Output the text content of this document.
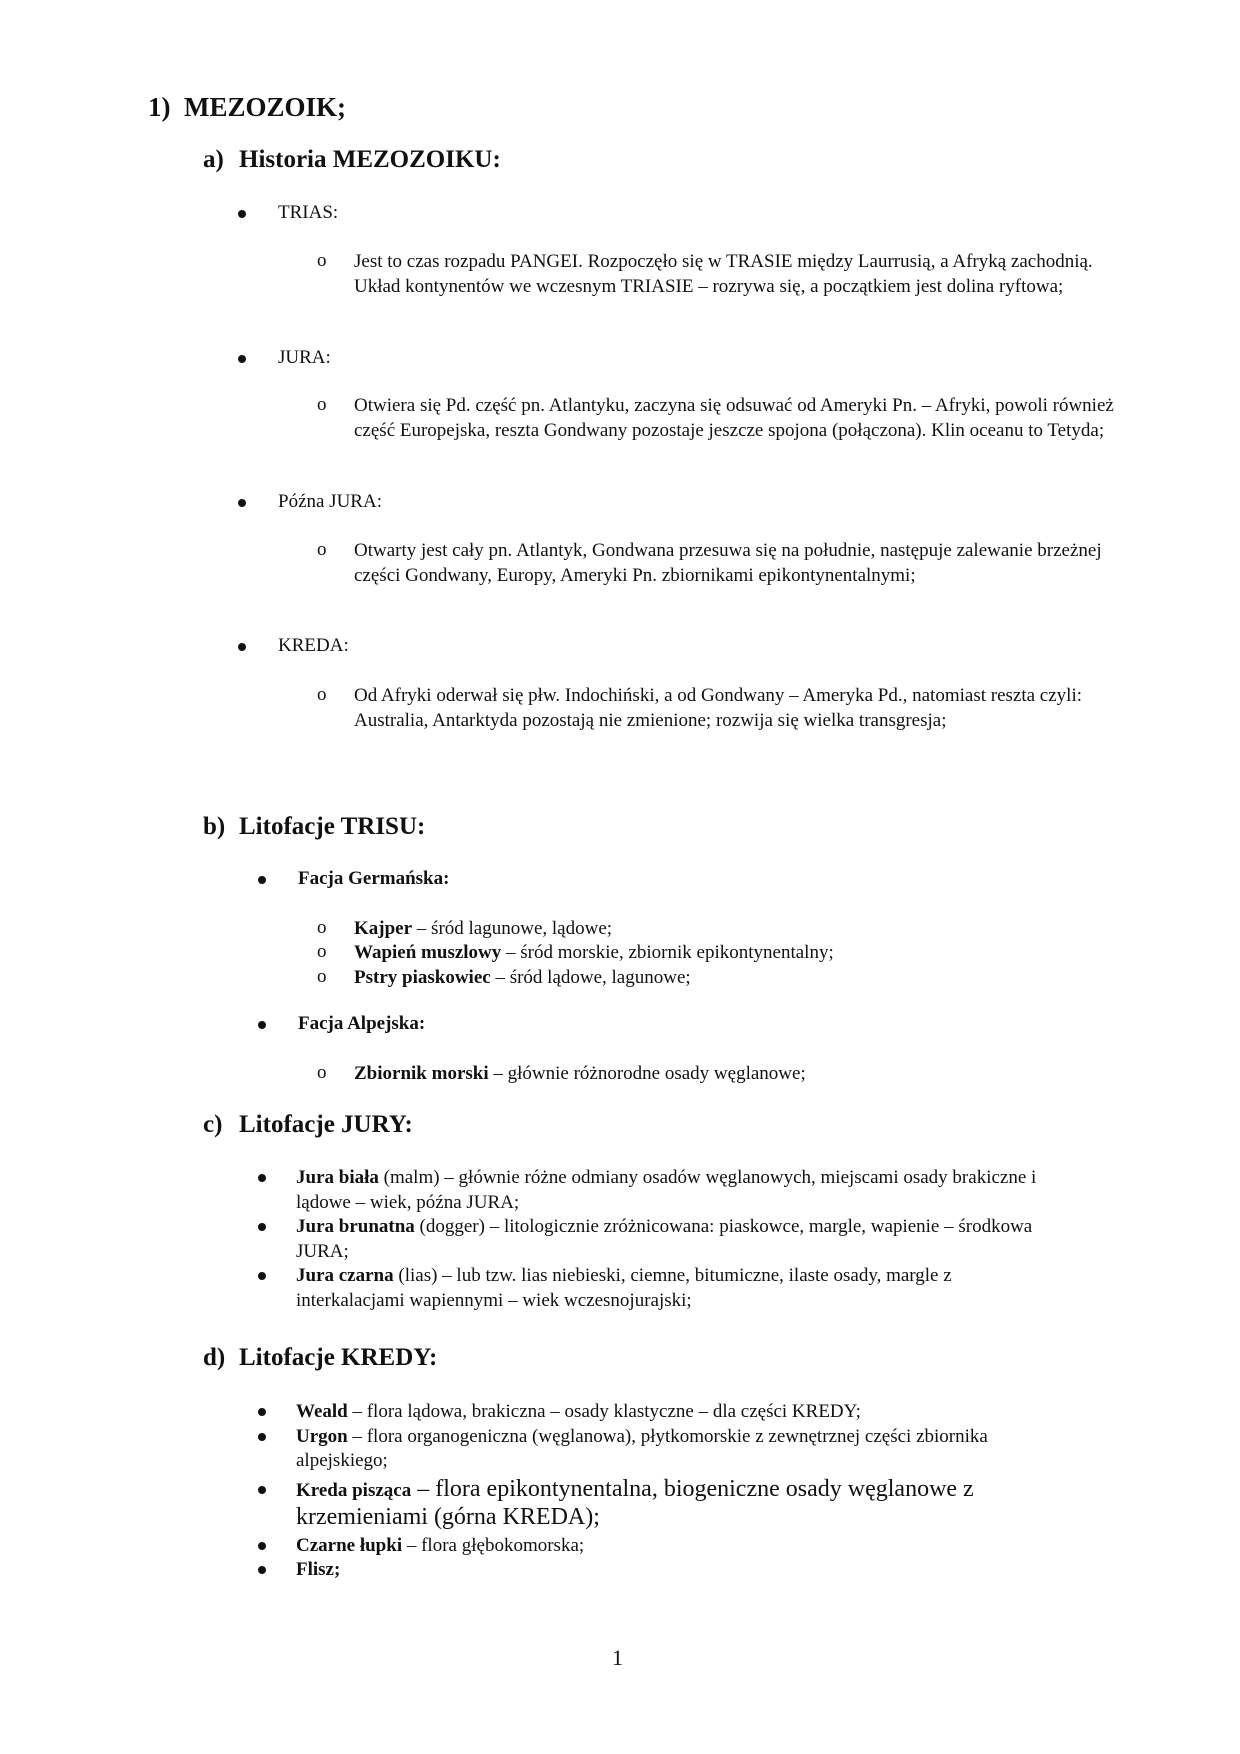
1) MEZOZOIK;
a) Historia MEZOZOIKU:
TRIAS:
o Jest to czas rozpadu PANGEI. Rozpoczęło się w TRASIE między Laurrusią, a Afryką zachodnią. Układ kontynentów we wczesnym TRIASIE – rozrywa się, a początkiem jest dolina ryftowa;
JURA:
o Otwiera się Pd. część pn. Atlantyku, zaczyna się odsuwać od Ameryki Pn. – Afryki, powoli również część Europejska, reszta Gondwany pozostaje jeszcze spojona (połączona). Klin oceanu to Tetyda;
Późna JURA:
o Otwarty jest cały pn. Atlantyk, Gondwana przesuwa się na południe, następuje zalewanie brzeżnej części Gondwany, Europy, Ameryki Pn. zbiornikami epikontynentalnymi;
KREDA:
o Od Afryki oderwał się płw. Indochiński, a od Gondwany – Ameryka Pd., natomiast reszta czyli: Australia, Antarktyda pozostają nie zmienione; rozwija się wielka transgresja;
b) Litofacje TRISU:
Facja Germańska:
o Kajper – śród lagunowe, lądowe;
o Wapień muszlowy – śród morskie, zbiornik epikontynentalny;
o Pstry piaskowiec – śród lądowe, lagunowe;
Facja Alpejska:
o Zbiornik morski – głównie różnorodne osady węglanowe;
c) Litofacje JURY:
Jura biała (malm) – głównie różne odmiany osadów węglanowych, miejscami osady brakiczne i lądowe – wiek, późna JURA;
Jura brunatna (dogger) – litologicznie zróżnicowana: piaskowce, margle, wapienie – środkowa JURA;
Jura czarna (lias) – lub tzw. lias niebieski, ciemne, bitumiczne, ilaste osady, margle z interkalacjami wapiennymi – wiek wczesnojurajski;
d) Litofacje KREDY:
Weald – flora lądowa, brakiczna – osady klastyczne – dla części KREDY;
Urgon – flora organogeniczna (węglanowa), płytkomorskie z zewnętrznej części zbiornika alpejskiego;
Kreda pisząca – flora epikontynentalna, biogeniczne osady węglanowe z krzemieniami (górna KREDA);
Czarne łupki – flora głębokomorska;
Flisz;
1
